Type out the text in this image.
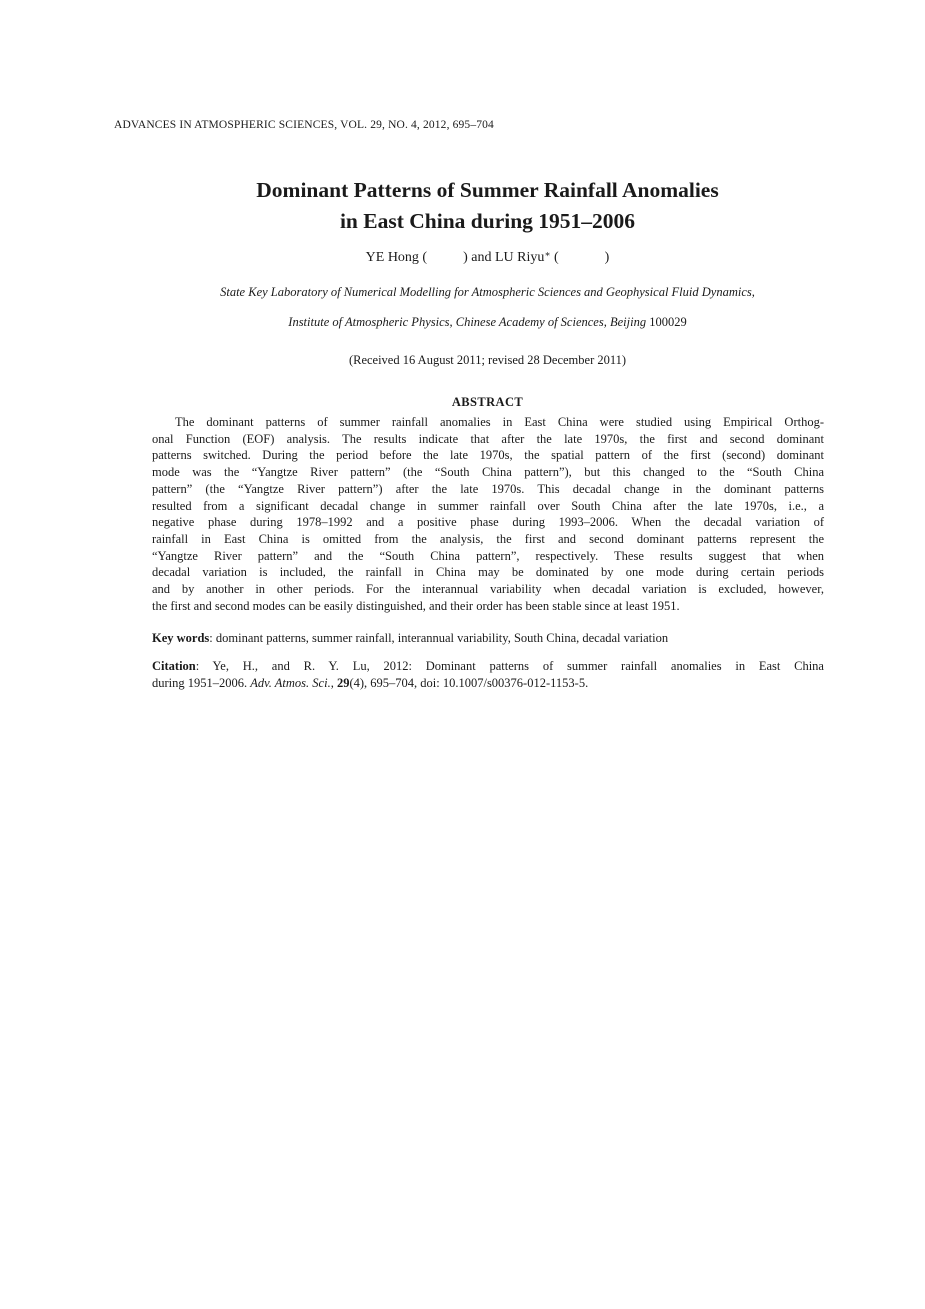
ADVANCES IN ATMOSPHERIC SCIENCES, VOL. 29, NO. 4, 2012, 695–704
Dominant Patterns of Summer Rainfall Anomalies
in East China during 1951–2006
YE Hong (	) and LU Riyu∗ (	)
State Key Laboratory of Numerical Modelling for Atmospheric Sciences and Geophysical Fluid Dynamics,
Institute of Atmospheric Physics, Chinese Academy of Sciences, Beijing 100029
(Received 16 August 2011; revised 28 December 2011)
ABSTRACT
The dominant patterns of summer rainfall anomalies in East China were studied using Empirical Orthog-
onal Function (EOF) analysis. The results indicate that after the late 1970s, the first and second dominant
patterns switched. During the period before the late 1970s, the spatial pattern of the first (second) dominant
mode was the “Yangtze River pattern” (the “South China pattern”), but this changed to the “South China
pattern” (the “Yangtze River pattern”) after the late 1970s. This decadal change in the dominant patterns
resulted from a significant decadal change in summer rainfall over South China after the late 1970s, i.e., a
negative phase during 1978–1992 and a positive phase during 1993–2006. When the decadal variation of
rainfall in East China is omitted from the analysis, the first and second dominant patterns represent the
“Yangtze River pattern” and the “South China pattern”, respectively. These results suggest that when
decadal variation is included, the rainfall in China may be dominated by one mode during certain periods
and by another in other periods. For the interannual variability when decadal variation is excluded, however,
the first and second modes can be easily distinguished, and their order has been stable since at least 1951.
Key words: dominant patterns, summer rainfall, interannual variability, South China, decadal variation
Citation: Ye, H., and R. Y. Lu, 2012: Dominant patterns of summer rainfall anomalies in East China
during 1951–2006. Adv. Atmos. Sci., 29(4), 695–704, doi: 10.1007/s00376-012-1153-5.
